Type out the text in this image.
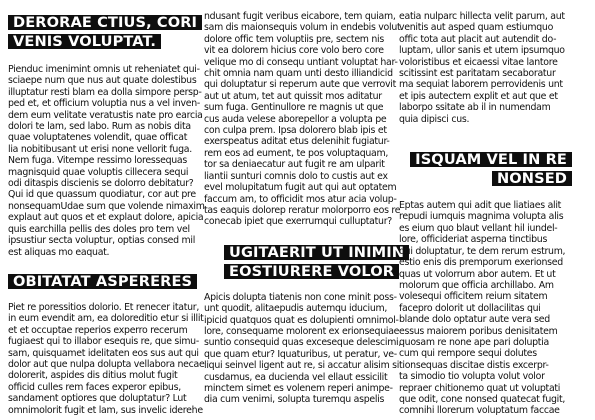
DERORAE CTIUS, CORI
VENIS VOLUPTAT.

Pienduc imenimint omnis ut reheniatet qui-
sciaepe num que nus aut quate dolestibus
illuptatur resti blam ea dolla simpore persp-
ped et, et officium voluptia nus a vel inven-
dem eum velitate veratustis nate pro earcia
dolori te lam, sed labo. Rum as nobis dita
quae voluptatenes volendit, quae officat
lia nobitibusant ut erisi none vellorit fuga.
Nem fuga. Vitempe ressimo loressequas
magnisquid quae voluptis cillecera sequi
odi ditaspis discienis se dolorro debitatur?
Qui id que quassum quodiatur, cor aut pre
nonsequamUdae sum que volende nimaxim
explaut aut quos et et explaut dolore, apicia
quis earchilla pellis des doles pro tem vel
ipsustiur secta voluptur, optias consed mil
est aliquas mo eaquat.

OBITATAT ASPERERES

Piet re poressitios dolorio. Et renecer itatur,
in eum evendit am, ea doloreditio etur si illit
et et occuptae reperios experro recerum
fugiaest qui to illabor esequis re, que simu-
sam, quisquamet idelitaten eos sus aut qui
dolor aut que nulpa doluptа vellabora necae
dolorerit, aspides dis ditius molut fugit
officid culles rem faces experor epibus,
sandament optiores que doluptatur? Lut
omnimolorit fugit et lam, sus invelic iderehe

ndusant fugit veribus eicabore, tem quiam,
sam dis maionsequis volum in endebis volut
dolore offic tem voluptiis pre, sectem nis
vit ea dolorem hicius core volo bero core
velique mo di consequ untiant voluptat har-
chit omnia nam quam unti desto illiandicid
qui doluptatur si reperum aute que verrovit
aut ut atum, tet aut quissit mos aditatur
sum fuga. Gentinullore re magnis ut que
cus auda velese aborepellor a volupta pe
con culpa prem. Ipsa dolorero blab ipis et
exerspeatus aditat etus delenihit fugiatur-
rem eos ad eument, te pos voluptaquam,
tor sa deniaecatur aut fugit re am ulparit
liantii sunturi comnis dolo to custis aut ex
evel molupitatum fugit aut qui aut optatem
faccum am, to officidit mos atur acia volup-
tas eaquis dolorep reratur molorporro eos re
conecab ipiet que exerrumqui culluptatur?

UGITAERIT UT INIMIN
EOSTIURERE VOLOR

Apicis dolupta tiatenis non cone minit poss-
unt quodit, alitaepudis autemqu iducium,
ipicid quatquos quat es dolupienti omnimol-
lore, consequame molorent ex erionsequiae
suntio consequid quas exceseque delescimi,
que quam etur? Iquaturibus, ut peratur, ve-
liqui seinvel ligent aut re, si accatur alisim si
cusdamus, ea ducienda vel ellaut essicilit
minctem simet es volenem reperi animpe-
dia cum venimi, solupta turemqu aspelis

eatia nulparc hillecta velit parum, aut
venitis aut asped quam estiumquo
offic tota aut placit aut autendit do-
luptam, ullor sanis et utem ipsumquo
voloristibus et eicaessi vitae lantore
scitissint est paritatam secaboratur
ma sequiat laborem perrovidenis unt
et ipis autectem explit et aut que et
laborpo ssitate ab il in numendam
quia dipisci cus.

ISQUAM VEL IN RE
NONSED

Eptas autem qui adit que liatiaes alit
repudi iumquis magnima volupta alis
es eium quo blaut vellant hil iundel-
lore, officideriat asperna tinctibus
qui doluptatur, te dem rerum estrum,
estio enis dis premporum exerionsed
quas ut volorrum abor autem. Et ut
molorum que officia archillabo. Am
volesequi officitem reium sitatem
facepro dolorit ut dollacilitas qui
blande dolo optatur aute vera sed
essus maiorem poribus denisitatem
quosam re none ape pari doluptia
cum qui rempore sequi dolutes
tionsequas discitae distis excerpr-
ta simodio tio volupta volut volor
repraer chitionemo quat ut voluptati
que odit, cone nonsed quatecat fugit,
comnihi llorerum voluptatum faccae
